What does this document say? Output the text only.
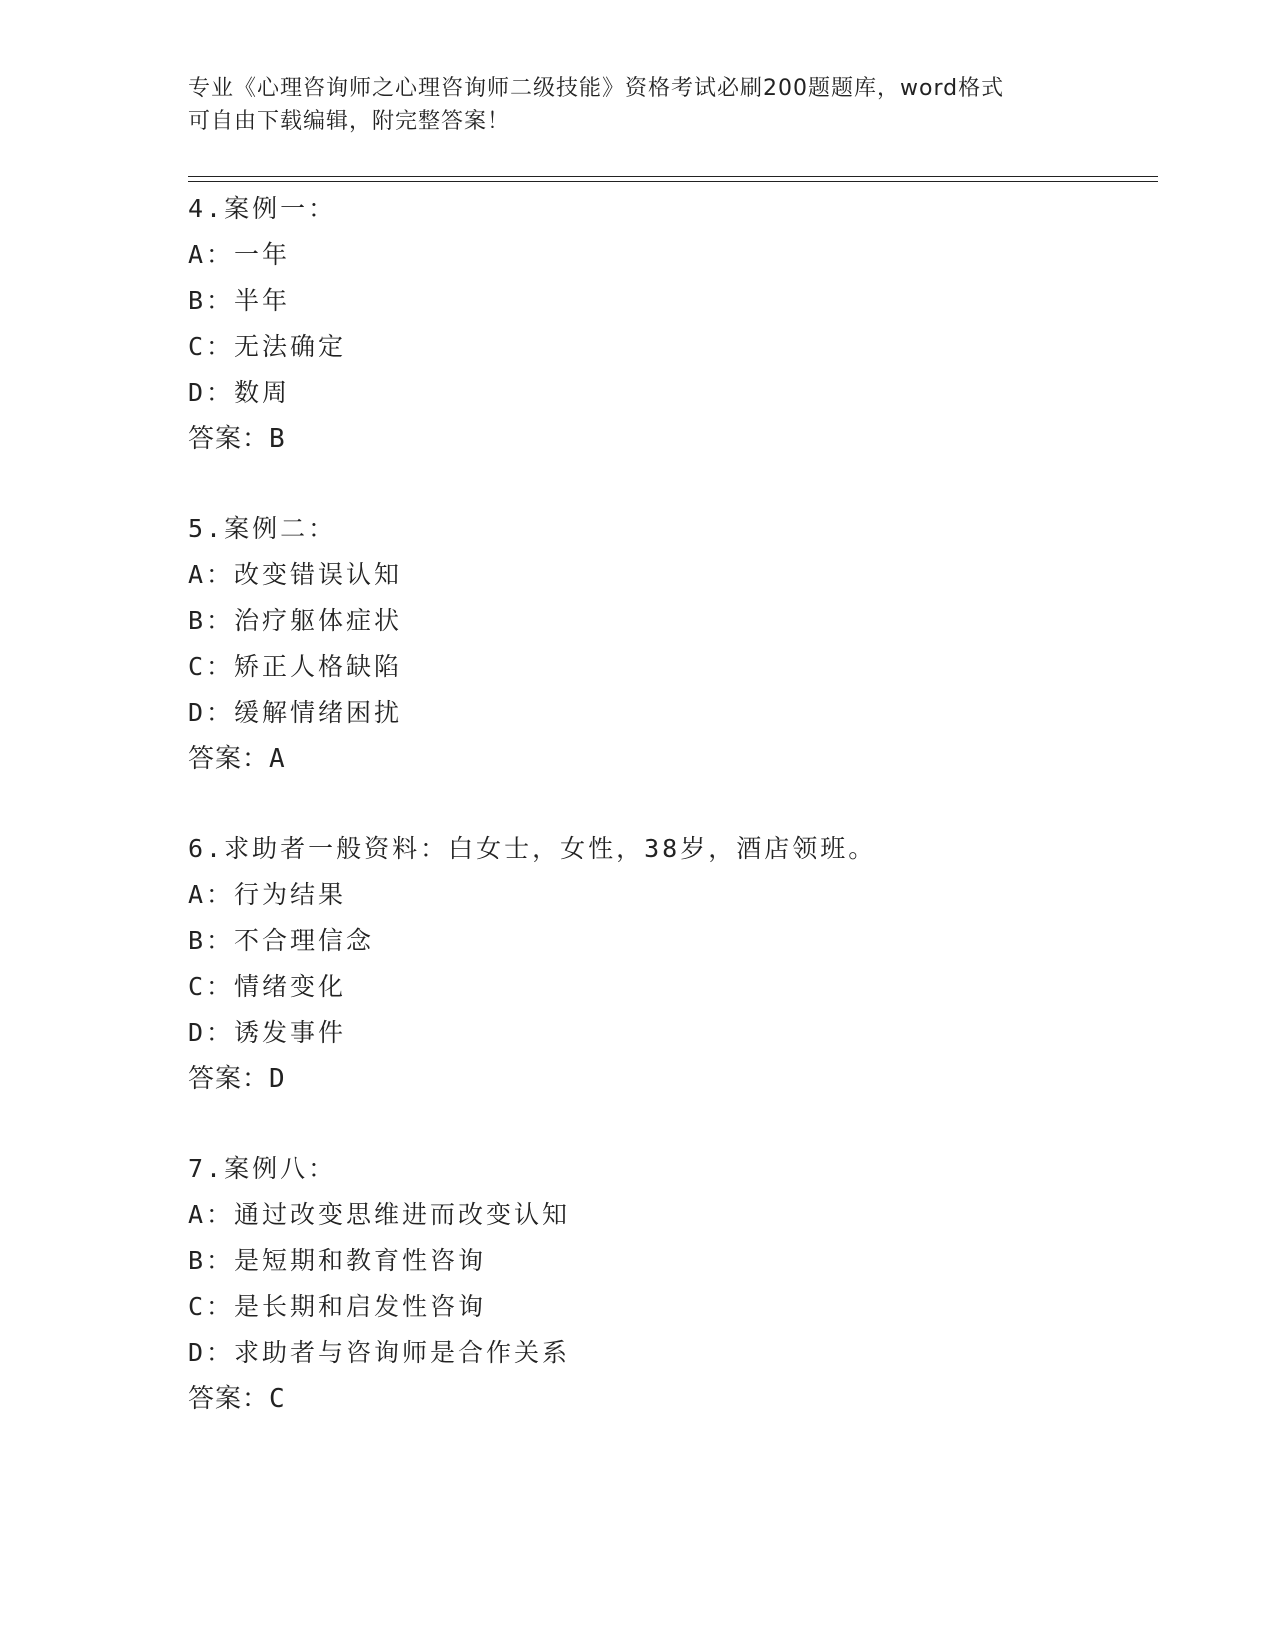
专业《心理咨询师之心理咨询师二级技能》资格考试必刷200题题库，word格式
可自由下载编辑，附完整答案！
4.案例一：
A：一年
B：半年
C：无法确定
D：数周
答案：B
5.案例二：
A：改变错误认知
B：治疗躯体症状
C：矫正人格缺陷
D：缓解情绪困扰
答案：A
6.求助者一般资料：白女士，女性，38岁，酒店领班。
A：行为结果
B：不合理信念
C：情绪变化
D：诱发事件
答案：D
7.案例八：
A：通过改变思维进而改变认知
B：是短期和教育性咨询
C：是长期和启发性咨询
D：求助者与咨询师是合作关系
答案：C
